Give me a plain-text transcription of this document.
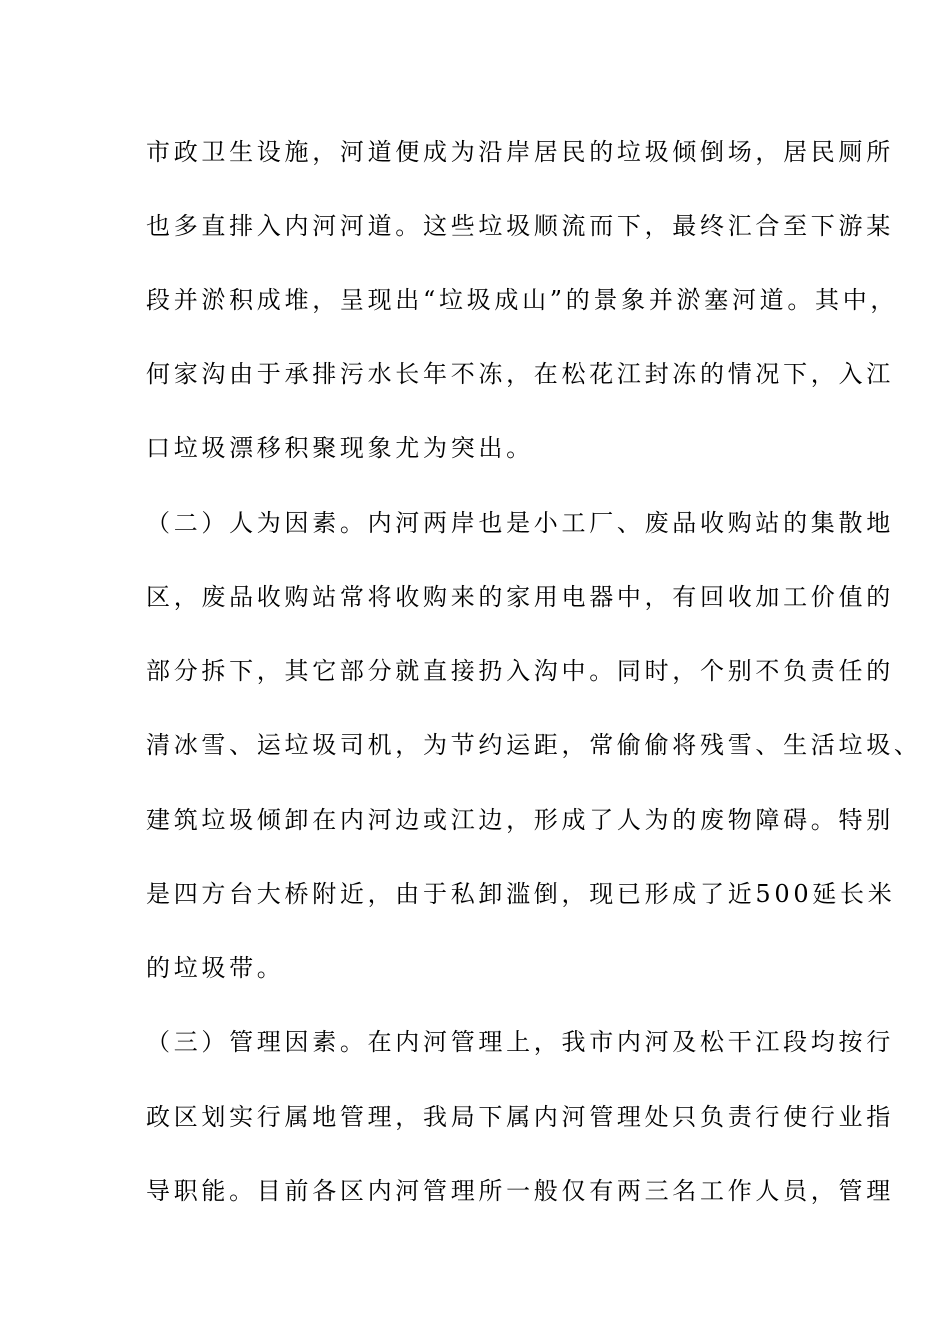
市政卫生设施，河道便成为沿岸居民的垃圾倾倒场，居民厕所

也多直排入内河河道。这些垃圾顺流而下，最终汇合至下游某

段并淤积成堆，呈现出“垃圾成山”的景象并淤塞河道。其中，

何家沟由于承排污水长年不冻，在松花江封冻的情况下，入江

口垃圾漂移积聚现象尤为突出。

（二）人为因素。内河两岸也是小工厂、废品收购站的集散地

区，废品收购站常将收购来的家用电器中，有回收加工价值的

部分拆下，其它部分就直接扔入沟中。同时，个别不负责任的

清冰雪、运垃圾司机，为节约运距，常偷偷将残雪、生活垃圾、

建筑垃圾倾卸在内河边或江边，形成了人为的废物障碍。特别

是四方台大桥附近，由于私卸滥倒，现已形成了近500延长米

的垃圾带。

（三）管理因素。在内河管理上，我市内河及松干江段均按行

政区划实行属地管理，我局下属内河管理处只负责行使行业指

导职能。目前各区内河管理所一般仅有两三名工作人员，管理
